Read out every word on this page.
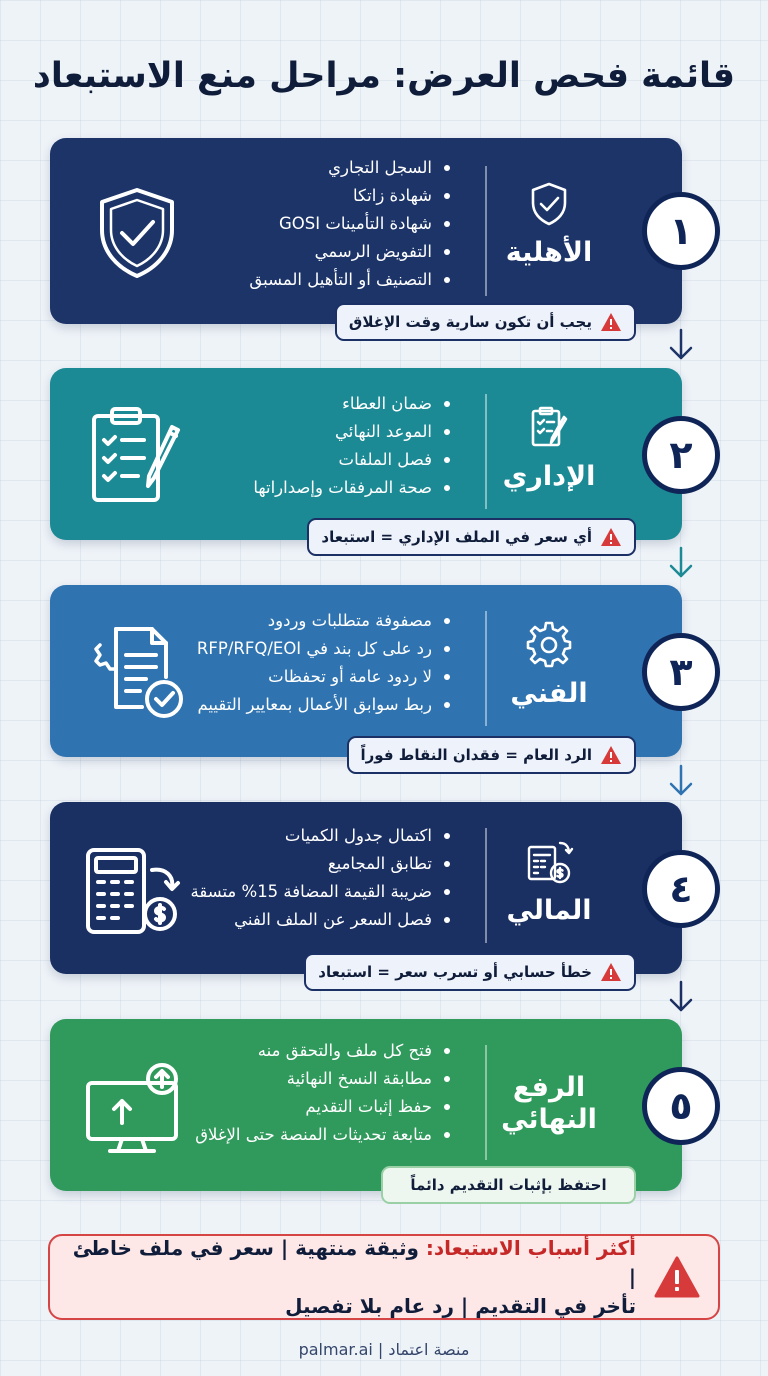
قائمة فحص العرض: مراحل منع الاستبعاد
١
الأهلية
السجل التجاري
شهادة زاتكا
شهادة التأمينات GOSI
التفويض الرسمي
التصنيف أو التأهيل المسبق
يجب أن تكون سارية وقت الإغلاق
٢
الإداري
ضمان العطاء
الموعد النهائي
فصل الملفات
صحة المرفقات وإصداراتها
أي سعر في الملف الإداري = استبعاد
٣
الفني
مصفوفة متطلبات وردود
رد على كل بند في RFP/RFQ/EOI
لا ردود عامة أو تحفظات
ربط سوابق الأعمال بمعايير التقييم
الرد العام = فقدان النقاط فوراً
٤
المالي
اكتمال جدول الكميات
تطابق المجاميع
ضريبة القيمة المضافة 15% متسقة
فصل السعر عن الملف الفني
خطأ حسابي أو تسرب سعر = استبعاد
٥
الرفع
النهائي
فتح كل ملف والتحقق منه
مطابقة النسخ النهائية
حفظ إثبات التقديم
متابعة تحديثات المنصة حتى الإغلاق
احتفظ بإثبات التقديم دائماً
أكثر أسباب الاستبعاد: وثيقة منتهية | سعر في ملف خاطئ |
تأخر في التقديم | رد عام بلا تفصيل
منصة اعتماد | palmar.ai
